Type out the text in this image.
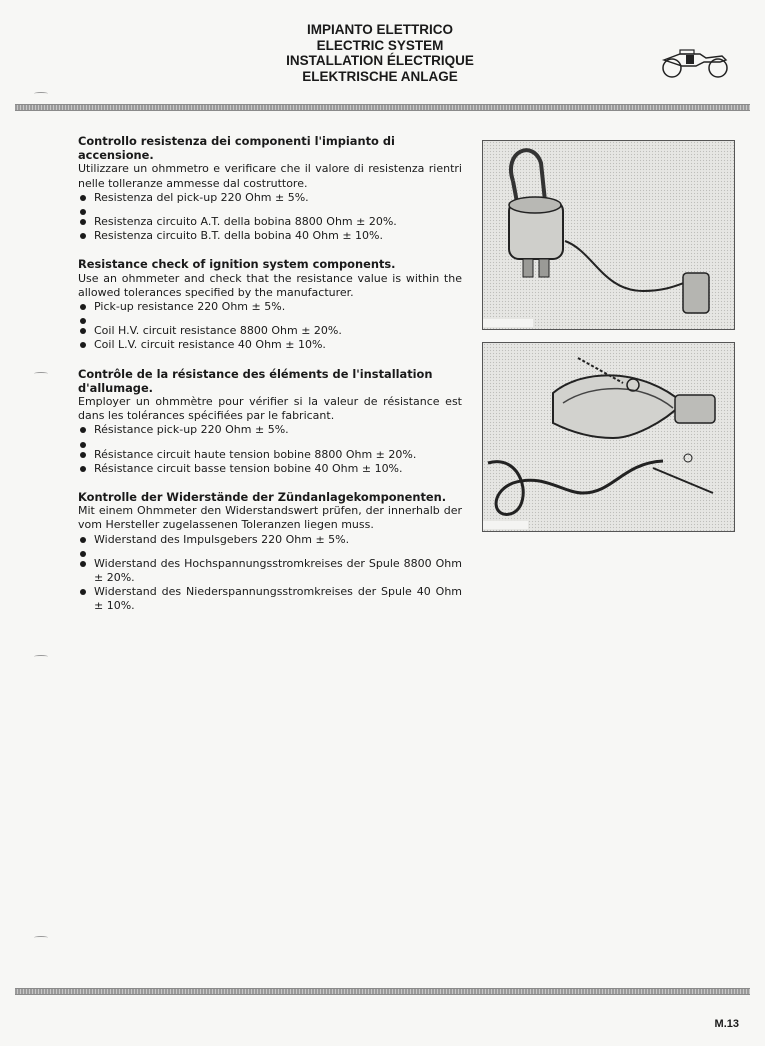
IMPIANTO ELETTRICO
ELECTRIC SYSTEM
INSTALLATION ÉLECTRIQUE
ELEKTRISCHE ANLAGE
Controllo resistenza dei componenti l'impianto di accensione.

Utilizzare un ohmmetro e verificare che il valore di resistenza rientri nelle tolleranze ammesse dal costruttore.

Resistenza del pick-up 220 Ohm ± 5%.
Resistenza circuito A.T. della bobina 8800 Ohm ± 20%.
Resistenza circuito B.T. della bobina 40 Ohm ± 10%.
Resistance check of ignition system components.

Use an ohmmeter and check that the resistance value is within the allowed tolerances specified by the manufacturer.

Pick-up resistance 220 Ohm ± 5%.
Coil H.V. circuit resistance 8800 Ohm ± 20%.
Coil L.V. circuit resistance 40 Ohm ± 10%.
Contrôle de la résistance des éléments de l'installation d'allumage.

Employer un ohmmètre pour vérifier si la valeur de résistance est dans les tolérances spécifiées par le fabricant.

Résistance pick-up 220 Ohm ± 5%.
Résistance circuit haute tension bobine 8800 Ohm ± 20%.
Résistance circuit basse tension bobine 40 Ohm ± 10%.
Kontrolle der Widerstände der Zündanlagekomponenten.

Mit einem Ohmmeter den Widerstandswert prüfen, der innerhalb der vom Hersteller zugelassenen Toleranzen liegen muss.

Widerstand des Impulsgebers 220 Ohm ± 5%.
Widerstand des Hochspannungsstromkreises der Spule 8800 Ohm ± 20%.
Widerstand des Niederspannungsstromkreises der Spule 40 Ohm ± 10%.
M.13
